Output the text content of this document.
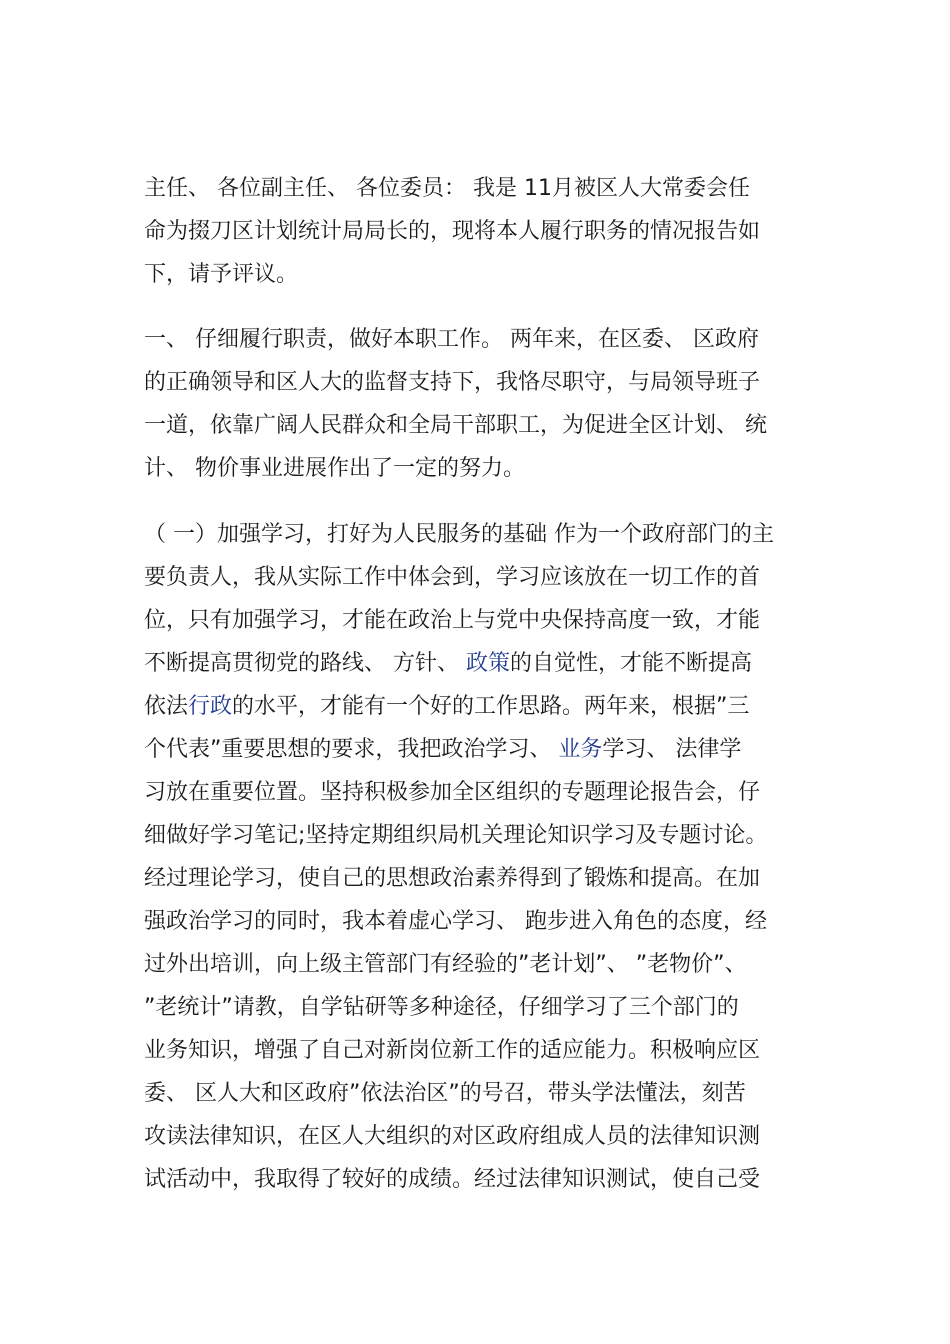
主任、 各位副主任、 各位委员： 我是 11月被区人大常委会任
命为掇刀区计划统计局局长的，现将本人履行职务的情况报告如
下，请予评议。
一、 仔细履行职责，做好本职工作。 两年来，在区委、 区政府
的正确领导和区人大的监督支持下，我恪尽职守，与局领导班子
一道，依靠广阔人民群众和全局干部职工，为促进全区计划、 统
计、 物价事业进展作出了一定的努力。
（ 一）加强学习，打好为人民服务的基础 作为一个政府部门的主
要负责人，我从实际工作中体会到，学习应该放在一切工作的首
位，只有加强学习，才能在政治上与党中央保持高度一致，才能
不断提高贯彻党的路线、 方针、 政策的自觉性，才能不断提高
依法行政的水平，才能有一个好的工作思路。两年来，根据”三
个代表”重要思想的要求，我把政治学习、 业务学习、 法律学
习放在重要位置。坚持积极参加全区组织的专题理论报告会，仔
细做好学习笔记;坚持定期组织局机关理论知识学习及专题讨论。
经过理论学习，使自己的思想政治素养得到了锻炼和提高。在加
强政治学习的同时，我本着虚心学习、 跑步进入角色的态度，经
过外出培训，向上级主管部门有经验的”老计划”、 ”老物价”、
”老统计”请教，自学钻研等多种途径，仔细学习了三个部门的
业务知识，增强了自己对新岗位新工作的适应能力。积极响应区
委、 区人大和区政府”依法治区”的号召，带头学法懂法，刻苦
攻读法律知识，在区人大组织的对区政府组成人员的法律知识测
试活动中，我取得了较好的成绩。经过法律知识测试，使自己受
